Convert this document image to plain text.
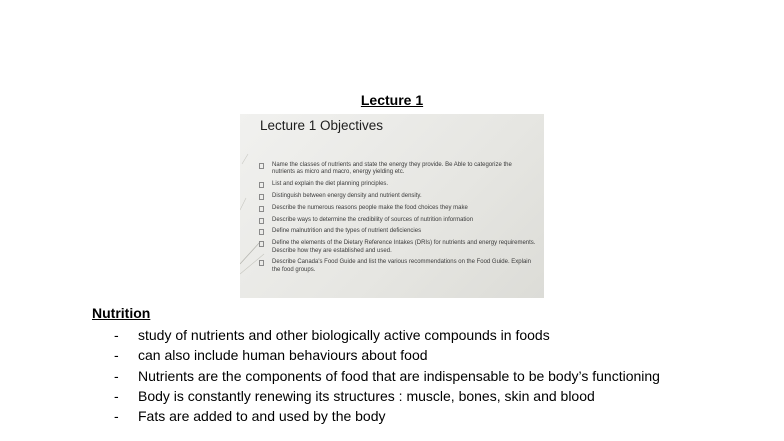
Lecture 1
Lecture 1 Objectives
Name the classes of nutrients and state the energy they provide. Be Able to categorize the nutrients as micro and macro, energy yielding etc.
List and explain the diet planning principles.
Distinguish between energy density and nutrient density.
Describe the numerous reasons people make the food choices they make
Describe ways to determine the credibility of sources of nutrition information
Define malnutrition and the types of nutrient deficiencies
Define the elements of the Dietary Reference Intakes (DRIs) for nutrients and energy requirements. Describe how they are established and used.
Describe Canada's Food Guide and list the various recommendations on the Food Guide. Explain the food groups.
Nutrition
- study of nutrients and other biologically active compounds in foods
- can also include human behaviours about food
- Nutrients are the components of food that are indispensable to be body’s functioning
- Body is constantly renewing its structures : muscle, bones, skin and blood
- Fats are added to and used by the body
